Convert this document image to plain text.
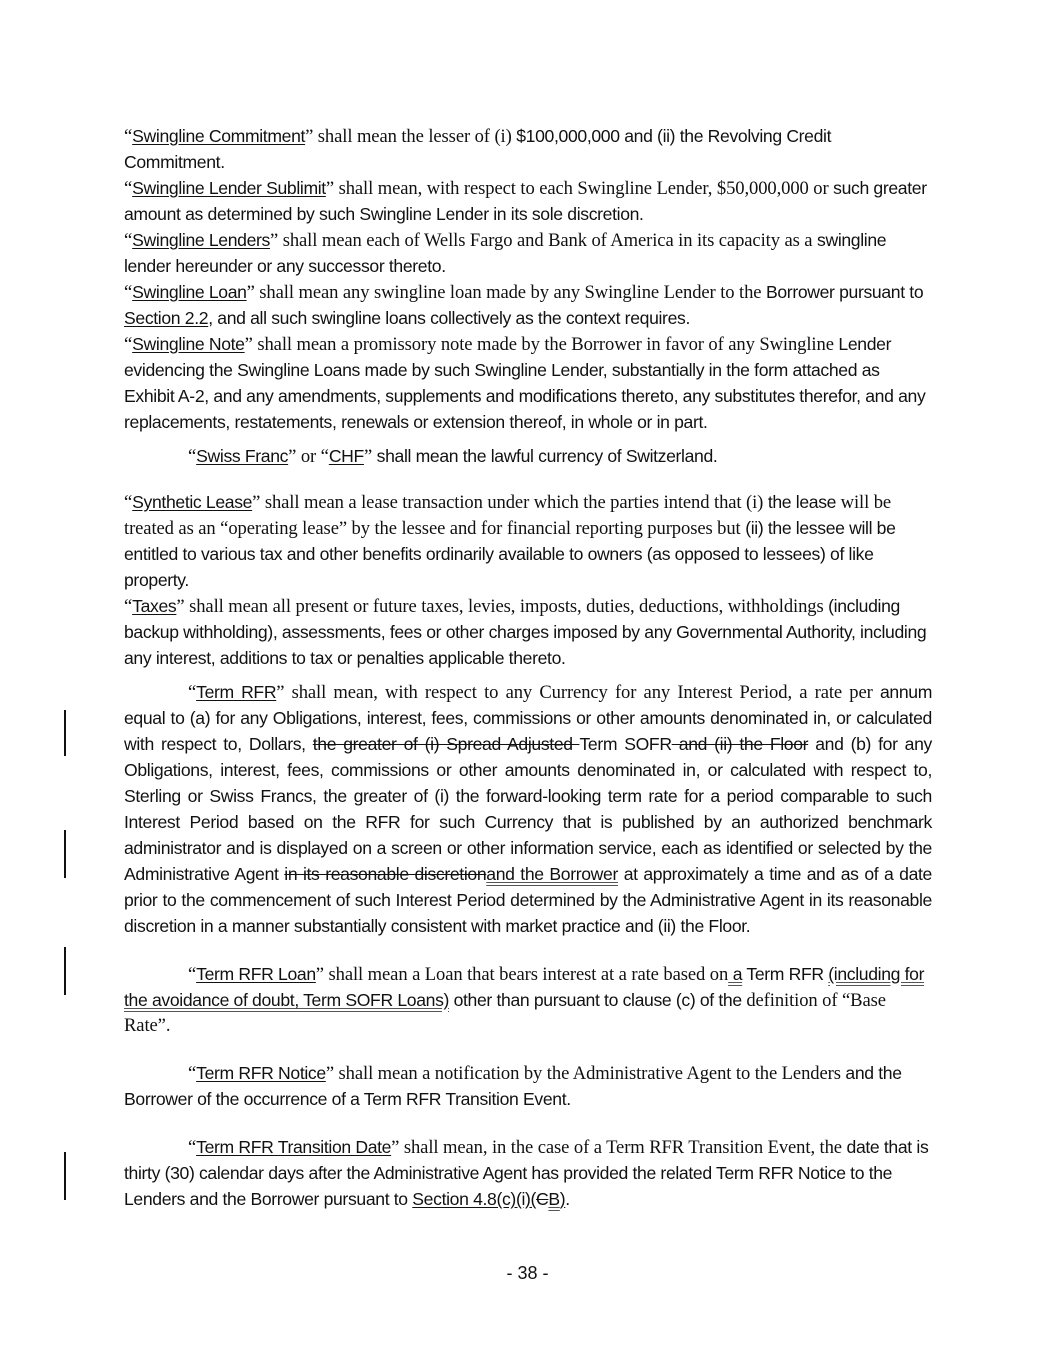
“Swingline Commitment” shall mean the lesser of (i) $100,000,000 and (ii) the Revolving Credit Commitment.

“Swingline Lender Sublimit” shall mean, with respect to each Swingline Lender, $50,000,000 or such greater amount as determined by such Swingline Lender in its sole discretion.

“Swingline Lenders” shall mean each of Wells Fargo and Bank of America in its capacity as a swingline lender hereunder or any successor thereto.

“Swingline Loan” shall mean any swingline loan made by any Swingline Lender to the Borrower pursuant to Section 2.2, and all such swingline loans collectively as the context requires.

“Swingline Note” shall mean a promissory note made by the Borrower in favor of any Swingline Lender evidencing the Swingline Loans made by such Swingline Lender, substantially in the form attached as Exhibit A-2, and any amendments, supplements and modifications thereto, any substitutes therefor, and any replacements, restatements, renewals or extension thereof, in whole or in part.

“Swiss Franc” or “CHF” shall mean the lawful currency of Switzerland.

“Synthetic Lease” shall mean a lease transaction under which the parties intend that (i) the lease will be treated as an “operating lease” by the lessee and for financial reporting purposes but (ii) the lessee will be entitled to various tax and other benefits ordinarily available to owners (as opposed to lessees) of like property.

“Taxes” shall mean all present or future taxes, levies, imposts, duties, deductions, withholdings (including backup withholding), assessments, fees or other charges imposed by any Governmental Authority, including any interest, additions to tax or penalties applicable thereto.

“Term RFR” shall mean, with respect to any Currency for any Interest Period, a rate per annum equal to (a) for any Obligations, interest, fees, commissions or other amounts denominated in, or calculated with respect to, Dollars, the greater of (i) Spread Adjusted Term SOFR and (ii) the Floor and (b) for any Obligations, interest, fees, commissions or other amounts denominated in, or calculated with respect to, Sterling or Swiss Francs, the greater of (i) the forward-looking term rate for a period comparable to such Interest Period based on the RFR for such Currency that is published by an authorized benchmark administrator and is displayed on a screen or other information service, each as identified or selected by the Administrative Agent in its reasonable discretionand the Borrower at approximately a time and as of a date prior to the commencement of such Interest Period determined by the Administrative Agent in its reasonable discretion in a manner substantially consistent with market practice and (ii) the Floor.

“Term RFR Loan” shall mean a Loan that bears interest at a rate based on a Term RFR (including for the avoidance of doubt, Term SOFR Loans) other than pursuant to clause (c) of the definition of “Base Rate”.

“Term RFR Notice” shall mean a notification by the Administrative Agent to the Lenders and the Borrower of the occurrence of a Term RFR Transition Event.

“Term RFR Transition Date” shall mean, in the case of a Term RFR Transition Event, the date that is thirty (30) calendar days after the Administrative Agent has provided the related Term RFR Notice to the Lenders and the Borrower pursuant to Section 4.8(c)(i)(CB).

- 38 -
